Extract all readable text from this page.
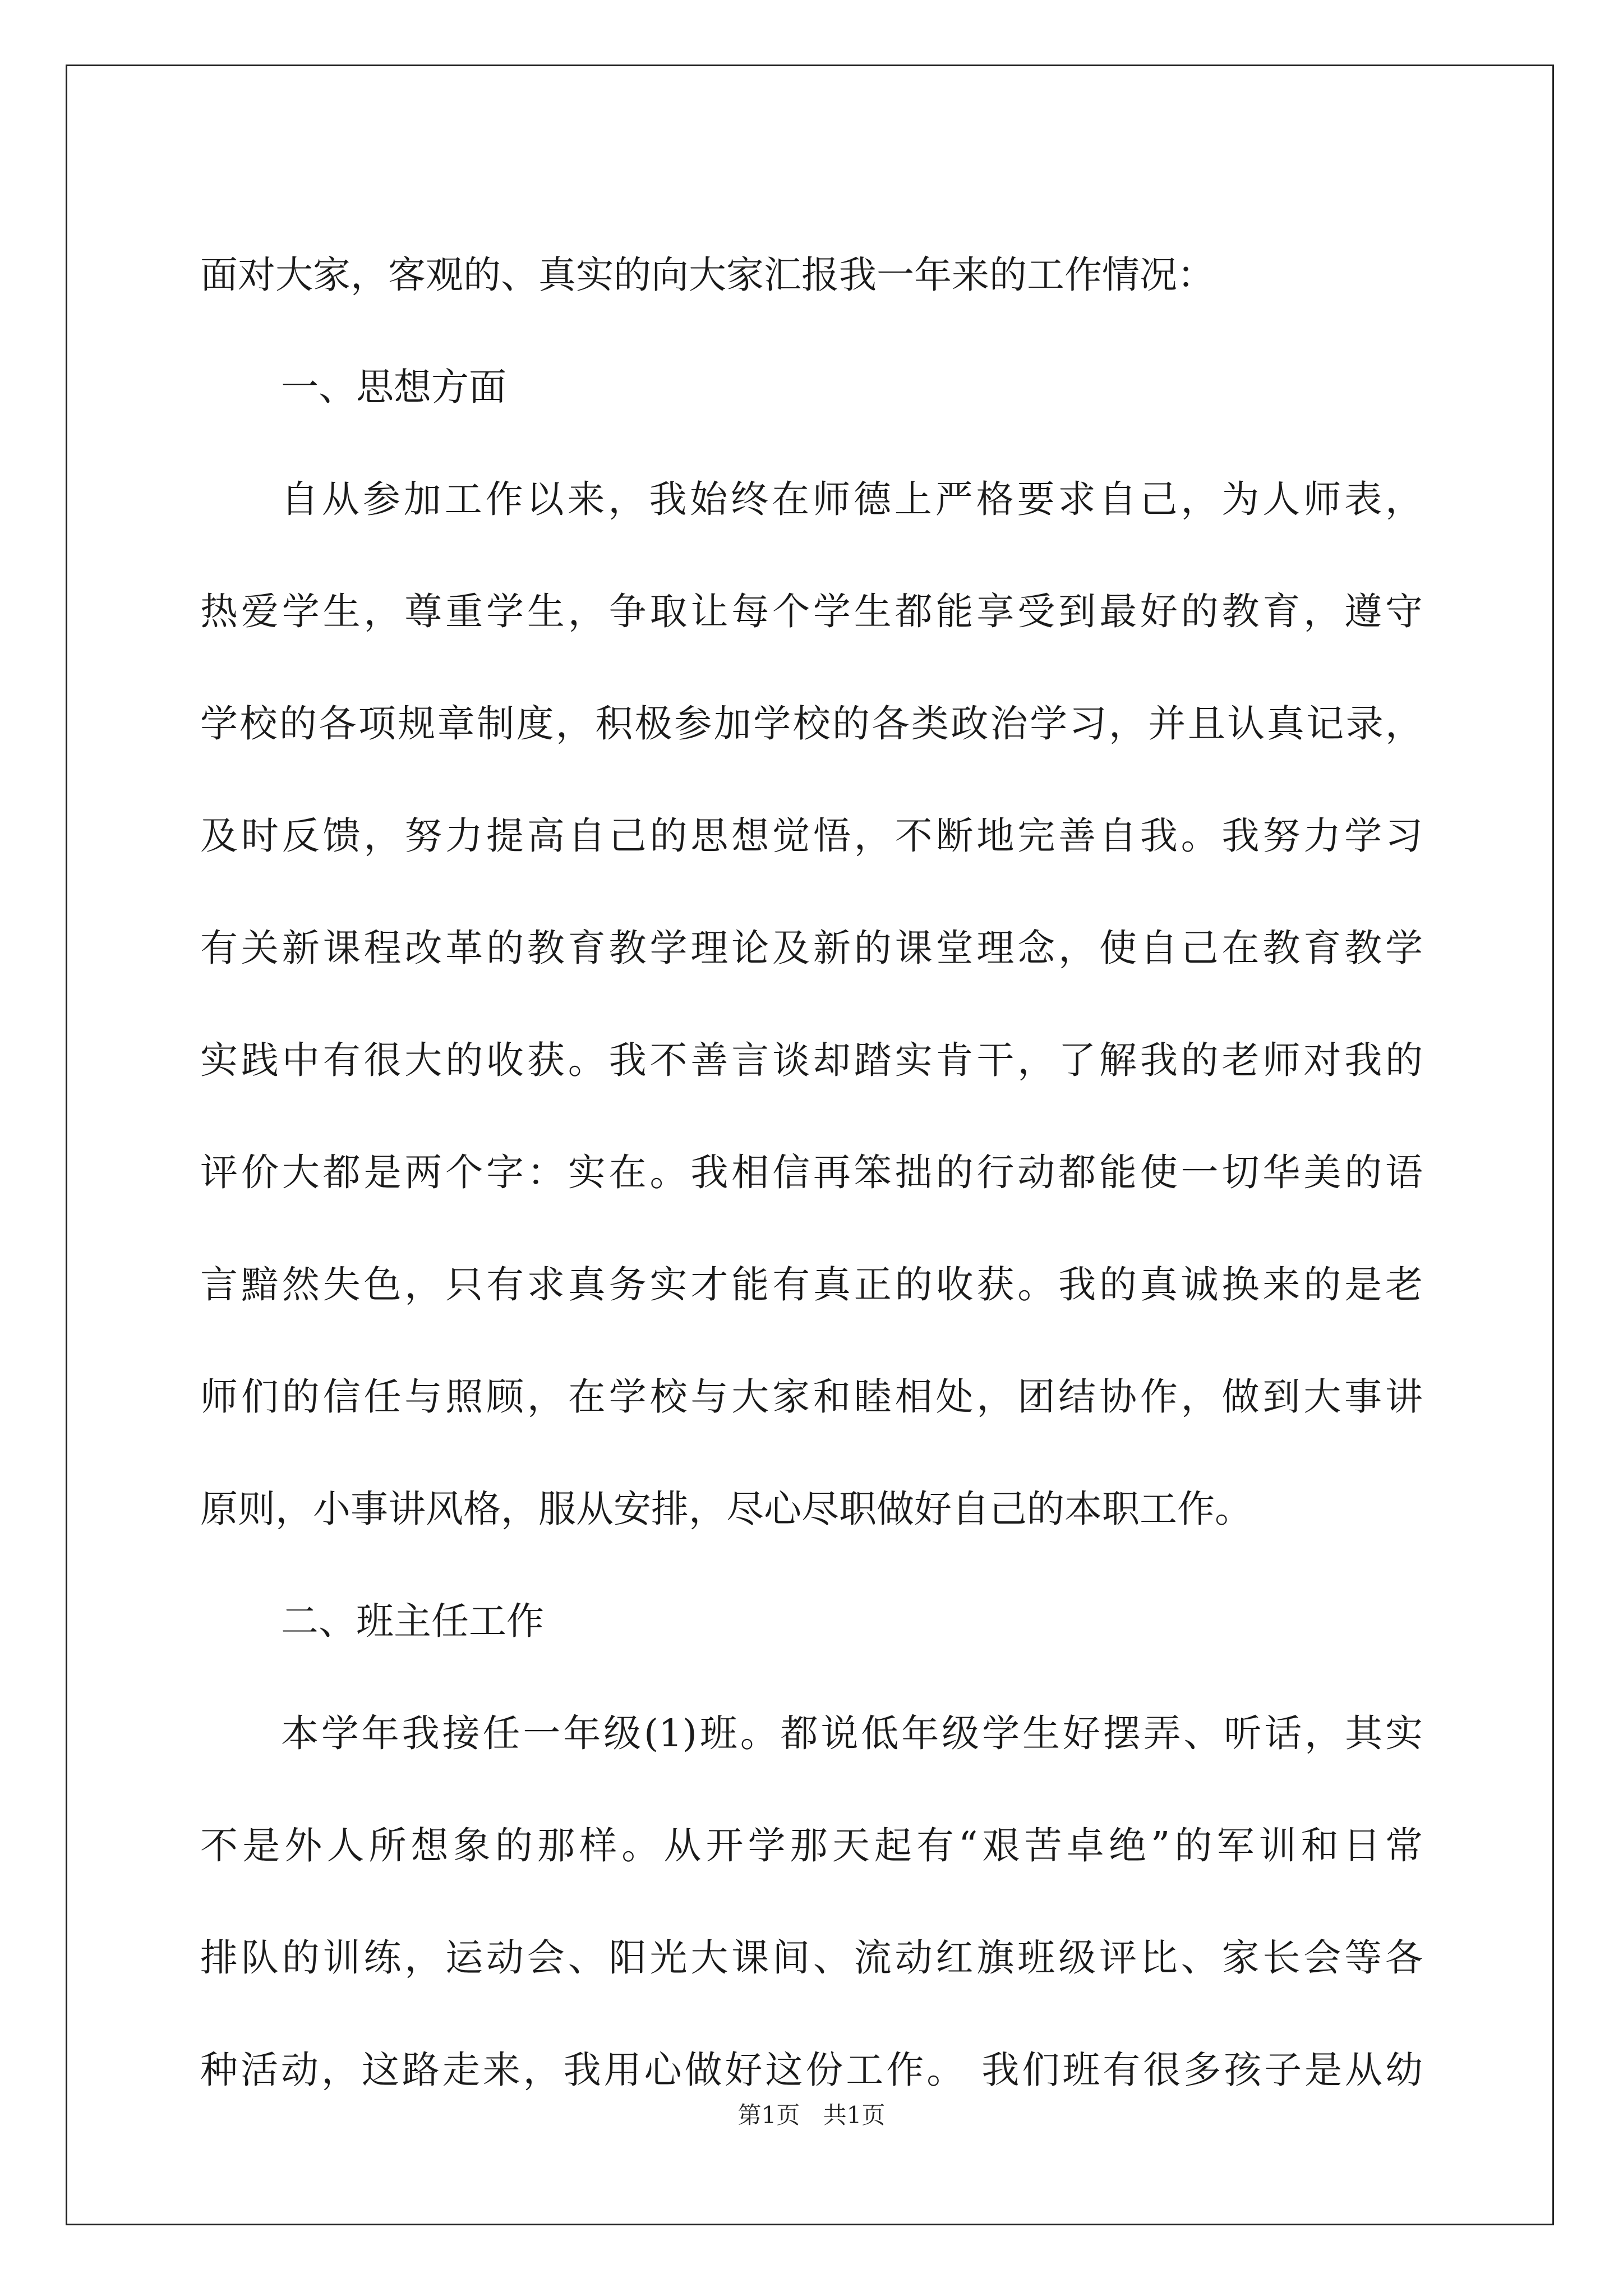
面对大家，客观的、真实的向大家汇报我一年来的工作情况：
一、思想方面
自从参加工作以来，我始终在师德上严格要求自己，为人师表，
热爱学生，尊重学生，争取让每个学生都能享受到最好的教育，遵守
学校的各项规章制度，积极参加学校的各类政治学习，并且认真记录，
及时反馈，努力提高自己的思想觉悟，不断地完善自我。我努力学习
有关新课程改革的教育教学理论及新的课堂理念，使自己在教育教学
实践中有很大的收获。我不善言谈却踏实肯干，了解我的老师对我的
评价大都是两个字：实在。我相信再笨拙的行动都能使一切华美的语
言黯然失色，只有求真务实才能有真正的收获。我的真诚换来的是老
师们的信任与照顾，在学校与大家和睦相处，团结协作，做到大事讲
原则，小事讲风格，服从安排，尽心尽职做好自己的本职工作。
二、班主任工作
本学年我接任一年级(1)班。都说低年级学生好摆弄、听话，其实
不是外人所想象的那样。从开学那天起有“艰苦卓绝”的军训和日常
排队的训练，运动会、阳光大课间、流动红旗班级评比、家长会等各
种活动，这路走来，我用心做好这份工作。 我们班有很多孩子是从幼
第1页 共1页
